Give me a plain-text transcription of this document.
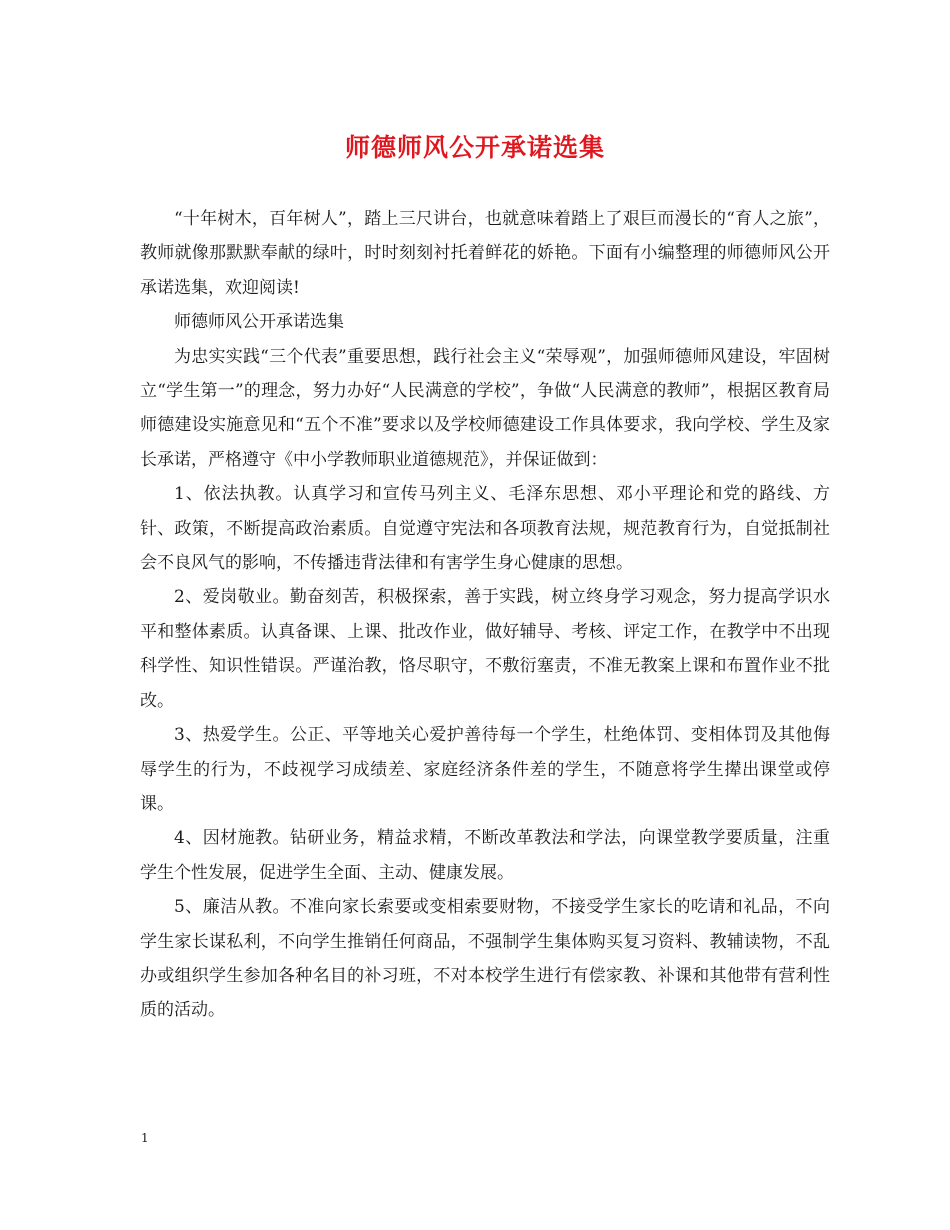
师德师风公开承诺选集

“十年树木，百年树人”，踏上三尺讲台，也就意味着踏上了艰巨而漫长的“育人之旅”，教师就像那默默奉献的绿叶，时时刻刻衬托着鲜花的娇艳。下面有小编整理的师德师风公开承诺选集，欢迎阅读!

师德师风公开承诺选集

为忠实实践“三个代表”重要思想，践行社会主义“荣辱观”，加强师德师风建设，牢固树立“学生第一”的理念，努力办好“人民满意的学校”，争做“人民满意的教师”，根据区教育局师德建设实施意见和“五个不准”要求以及学校师德建设工作具体要求，我向学校、学生及家长承诺，严格遵守《中小学教师职业道德规范》，并保证做到：

1、依法执教。认真学习和宣传马列主义、毛泽东思想、邓小平理论和党的路线、方针、政策，不断提高政治素质。自觉遵守宪法和各项教育法规，规范教育行为，自觉抵制社会不良风气的影响，不传播违背法律和有害学生身心健康的思想。

2、爱岗敬业。勤奋刻苦，积极探索，善于实践，树立终身学习观念，努力提高学识水平和整体素质。认真备课、上课、批改作业，做好辅导、考核、评定工作，在教学中不出现科学性、知识性错误。严谨治教，恪尽职守，不敷衍塞责，不准无教案上课和布置作业不批改。

3、热爱学生。公正、平等地关心爱护善待每一个学生，杜绝体罚、变相体罚及其他侮辱学生的行为，不歧视学习成绩差、家庭经济条件差的学生，不随意将学生撵出课堂或停课。

4、因材施教。钻研业务，精益求精，不断改革教法和学法，向课堂教学要质量，注重学生个性发展，促进学生全面、主动、健康发展。

5、廉洁从教。不准向家长索要或变相索要财物，不接受学生家长的吃请和礼品，不向学生家长谋私利，不向学生推销任何商品，不强制学生集体购买复习资料、教辅读物，不乱办或组织学生参加各种名目的补习班，不对本校学生进行有偿家教、补课和其他带有营利性质的活动。

1
